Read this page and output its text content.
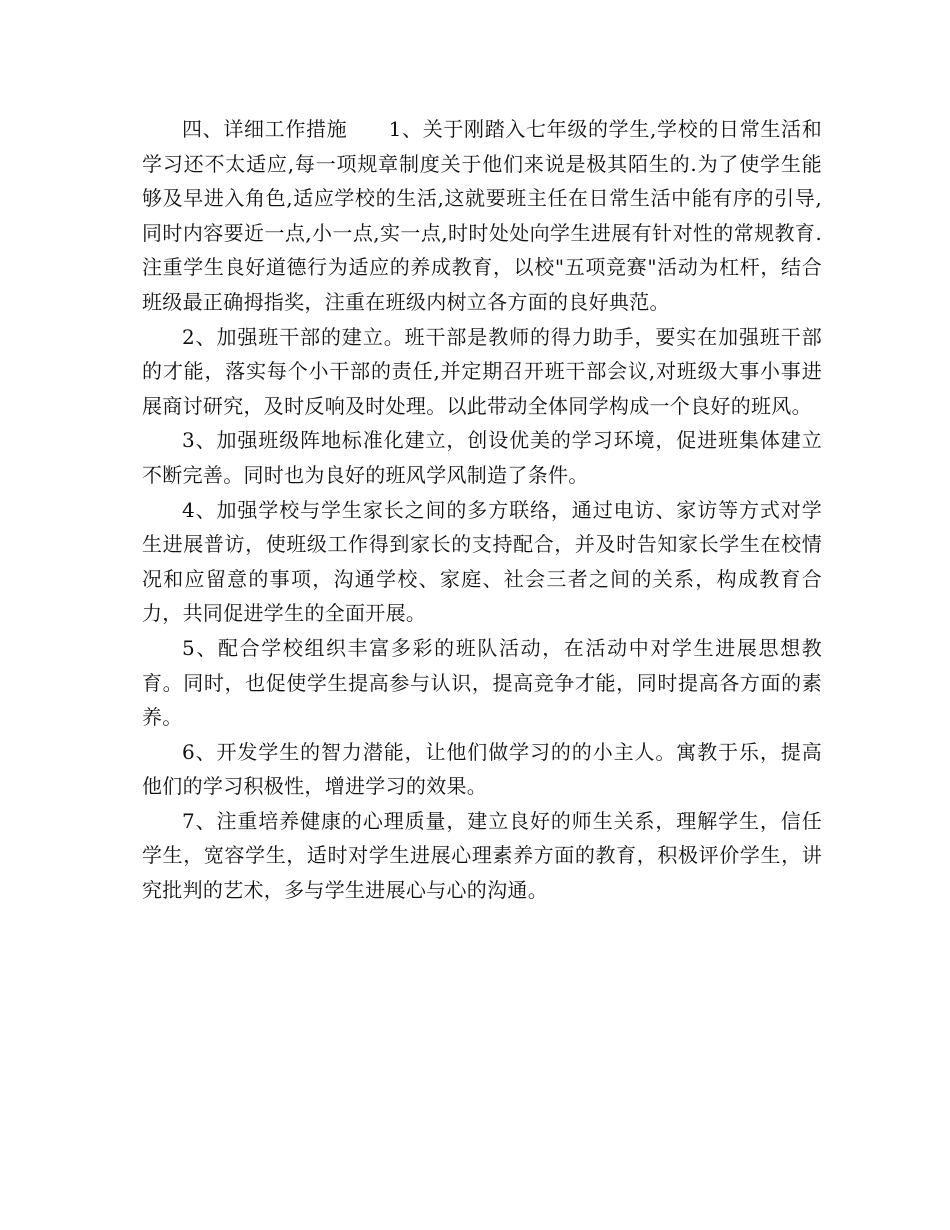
四、详细工作措施　　1、关于刚踏入七年级的学生,学校的日常生活和学习还不太适应,每一项规章制度关于他们来说是极其陌生的.为了使学生能够及早进入角色,适应学校的生活,这就要班主任在日常生活中能有序的引导,同时内容要近一点,小一点,实一点,时时处处向学生进展有针对性的常规教育.注重学生良好道德行为适应的养成教育，以校"五项竞赛"活动为杠杆，结合班级最正确拇指奖，注重在班级内树立各方面的良好典范。

2、加强班干部的建立。班干部是教师的得力助手，要实在加强班干部的才能，落实每个小干部的责任,并定期召开班干部会议,对班级大事小事进展商讨研究，及时反响及时处理。以此带动全体同学构成一个良好的班风。

3、加强班级阵地标准化建立，创设优美的学习环境，促进班集体建立不断完善。同时也为良好的班风学风制造了条件。

4、加强学校与学生家长之间的多方联络，通过电访、家访等方式对学生进展普访，使班级工作得到家长的支持配合，并及时告知家长学生在校情况和应留意的事项，沟通学校、家庭、社会三者之间的关系，构成教育合力，共同促进学生的全面开展。

5、配合学校组织丰富多彩的班队活动，在活动中对学生进展思想教育。同时，也促使学生提高参与认识，提高竞争才能，同时提高各方面的素养。

6、开发学生的智力潜能，让他们做学习的的小主人。寓教于乐，提高他们的学习积极性，增进学习的效果。

7、注重培养健康的心理质量，建立良好的师生关系，理解学生，信任学生，宽容学生，适时对学生进展心理素养方面的教育，积极评价学生，讲究批判的艺术，多与学生进展心与心的沟通。
